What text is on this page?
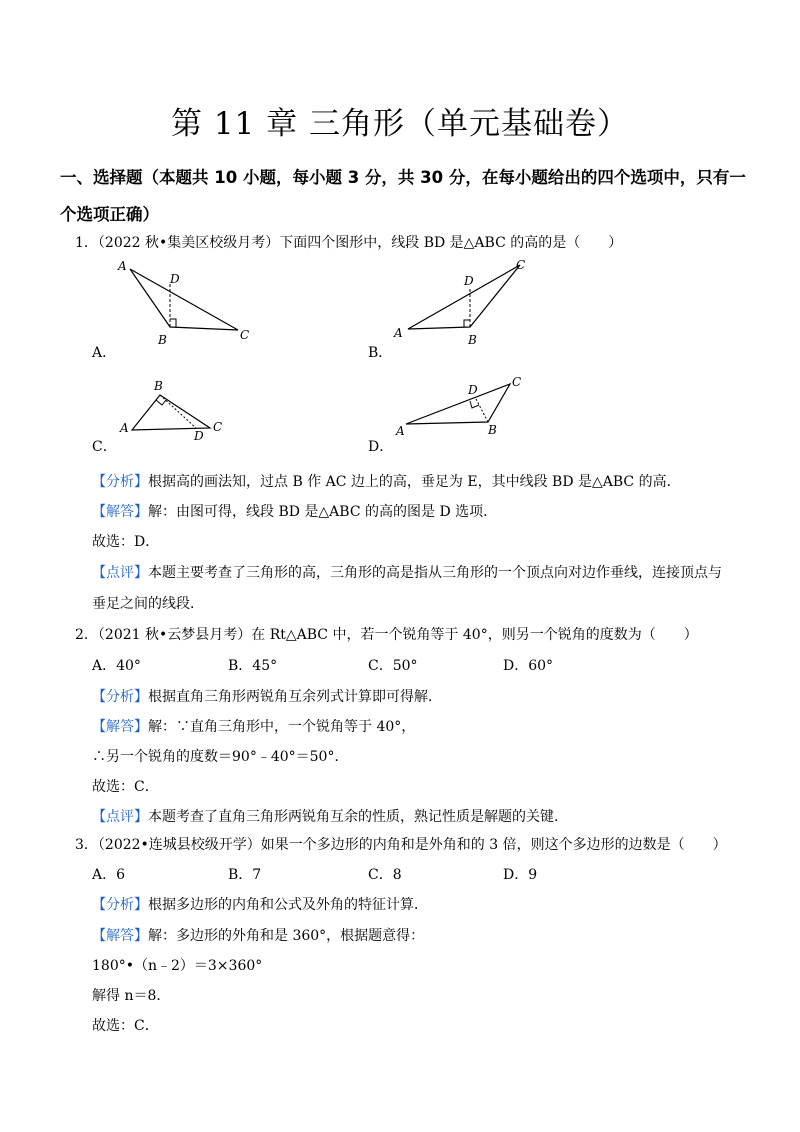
第 11 章 三角形（单元基础卷）
一、选择题（本题共 10 小题，每小题 3 分，共 30 分，在每小题给出的四个选项中，只有一
个选项正确）
1．（2022 秋•集美区校级月考）下面四个图形中，线段 BD 是△ABC 的高的是（　　）
A
D
B	C
A．
A
D
B
C
B．
A
B
D
C
C．
A
D
B
C
D．
【分析】根据高的画法知，过点 B 作 AC 边上的高，垂足为 E，其中线段 BD 是△ABC 的高．
【解答】解：由图可得，线段 BD 是△ABC 的高的图是 D 选项．
故选：D．
【点评】本题主要考查了三角形的高，三角形的高是指从三角形的一个顶点向对边作垂线，连接顶点与
垂足之间的线段．
2．（2021 秋•云梦县月考）在 Rt△ABC 中，若一个锐角等于 40°，则另一个锐角的度数为（　　）
A．40°	B．45°	C．50°	D．60°
【分析】根据直角三角形两锐角互余列式计算即可得解．
【解答】解：∵直角三角形中，一个锐角等于 40°，
∴另一个锐角的度数＝90°﹣40°＝50°．
故选：C．
【点评】本题考查了直角三角形两锐角互余的性质，熟记性质是解题的关键．
3．（2022•连城县校级开学）如果一个多边形的内角和是外角和的 3 倍，则这个多边形的边数是（　　）
A．6	B．7	C．8	D．9
【分析】根据多边形的内角和公式及外角的特征计算．
【解答】解：多边形的外角和是 360°，根据题意得：
180°•（n﹣2）＝3×360°
解得 n＝8．
故选：C．
